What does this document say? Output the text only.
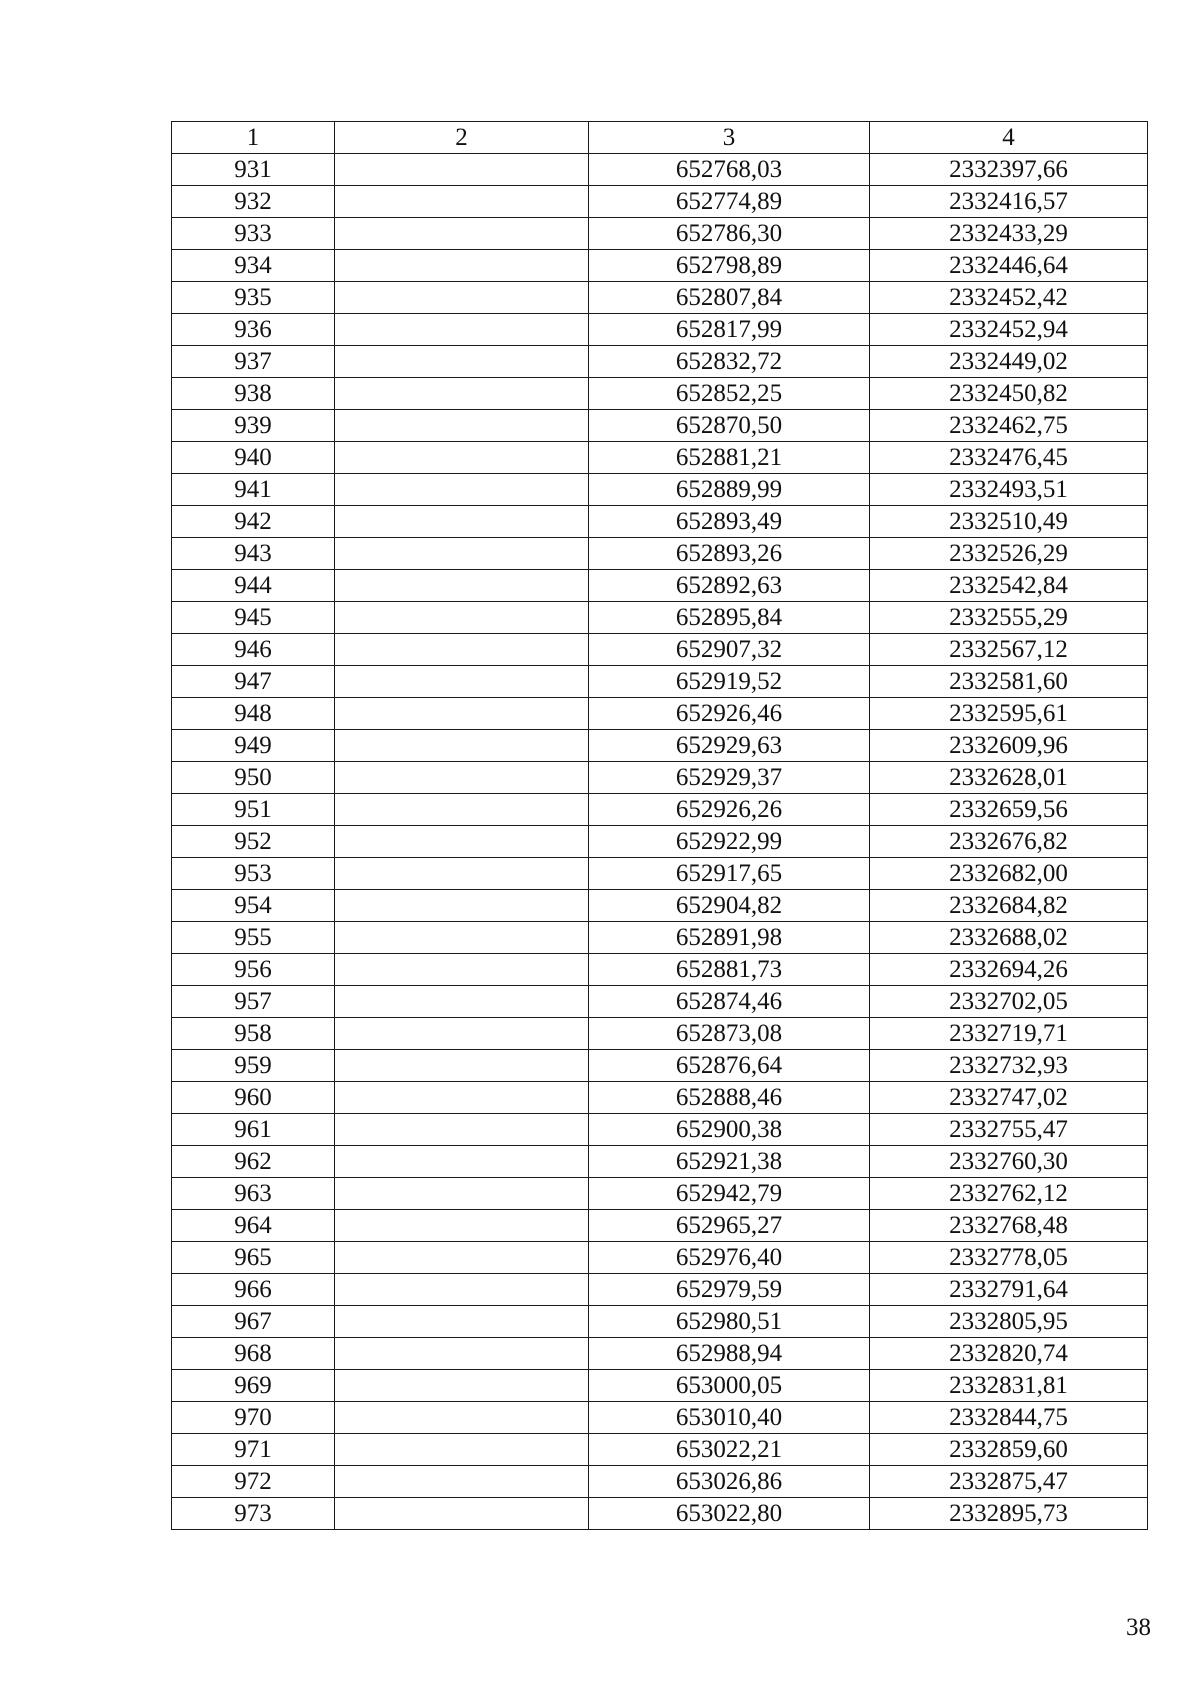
1	2	3	4
931		652768,03	2332397,66
932		652774,89	2332416,57
933		652786,30	2332433,29
934		652798,89	2332446,64
935		652807,84	2332452,42
936		652817,99	2332452,94
937		652832,72	2332449,02
938		652852,25	2332450,82
939		652870,50	2332462,75
940		652881,21	2332476,45
941		652889,99	2332493,51
942		652893,49	2332510,49
943		652893,26	2332526,29
944		652892,63	2332542,84
945		652895,84	2332555,29
946		652907,32	2332567,12
947		652919,52	2332581,60
948		652926,46	2332595,61
949		652929,63	2332609,96
950		652929,37	2332628,01
951		652926,26	2332659,56
952		652922,99	2332676,82
953		652917,65	2332682,00
954		652904,82	2332684,82
955		652891,98	2332688,02
956		652881,73	2332694,26
957		652874,46	2332702,05
958		652873,08	2332719,71
959		652876,64	2332732,93
960		652888,46	2332747,02
961		652900,38	2332755,47
962		652921,38	2332760,30
963		652942,79	2332762,12
964		652965,27	2332768,48
965		652976,40	2332778,05
966		652979,59	2332791,64
967		652980,51	2332805,95
968		652988,94	2332820,74
969		653000,05	2332831,81
970		653010,40	2332844,75
971		653022,21	2332859,60
972		653026,86	2332875,47
973		653022,80	2332895,73
38
